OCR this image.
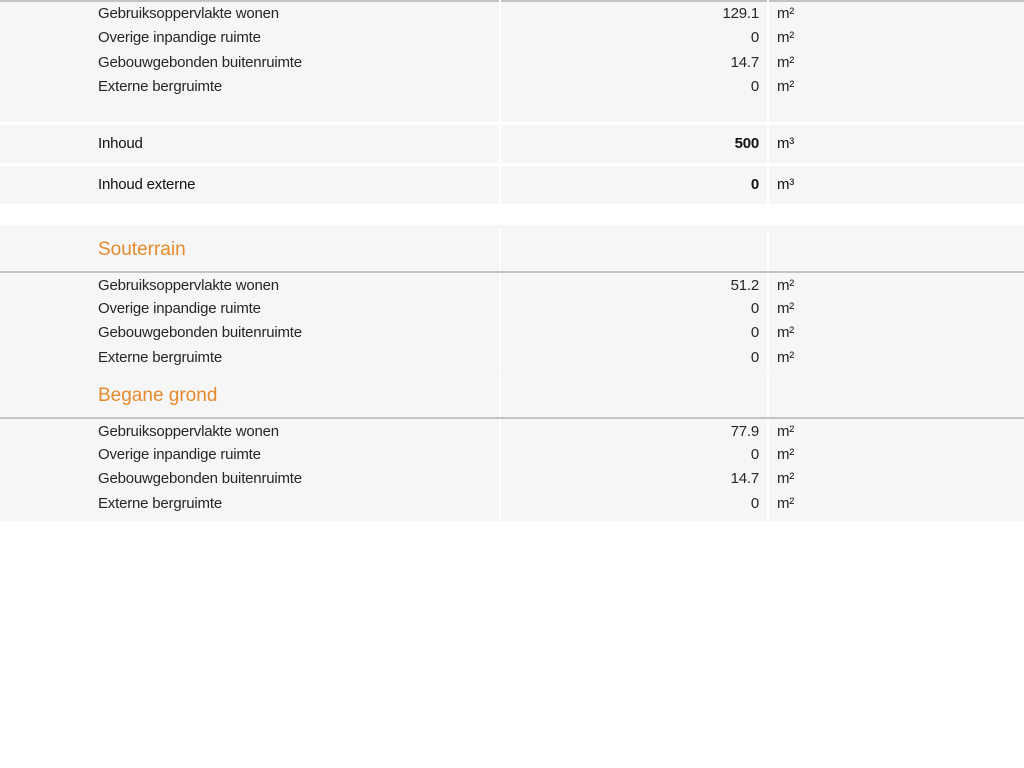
Gebruiksoppervlakte wonen	129.1 m²
Overige inpandige ruimte	0 m²
Gebouwgebonden buitenruimte	14.7 m²
Externe bergruimte	0 m²
Inhoud	500 m³
Inhoud externe	0 m³
Souterrain
Gebruiksoppervlakte wonen	51.2 m²
Overige inpandige ruimte	0 m²
Gebouwgebonden buitenruimte	0 m²
Externe bergruimte	0 m²
Begane grond
Gebruiksoppervlakte wonen	77.9 m²
Overige inpandige ruimte	0 m²
Gebouwgebonden buitenruimte	14.7 m²
Externe bergruimte	0 m²
